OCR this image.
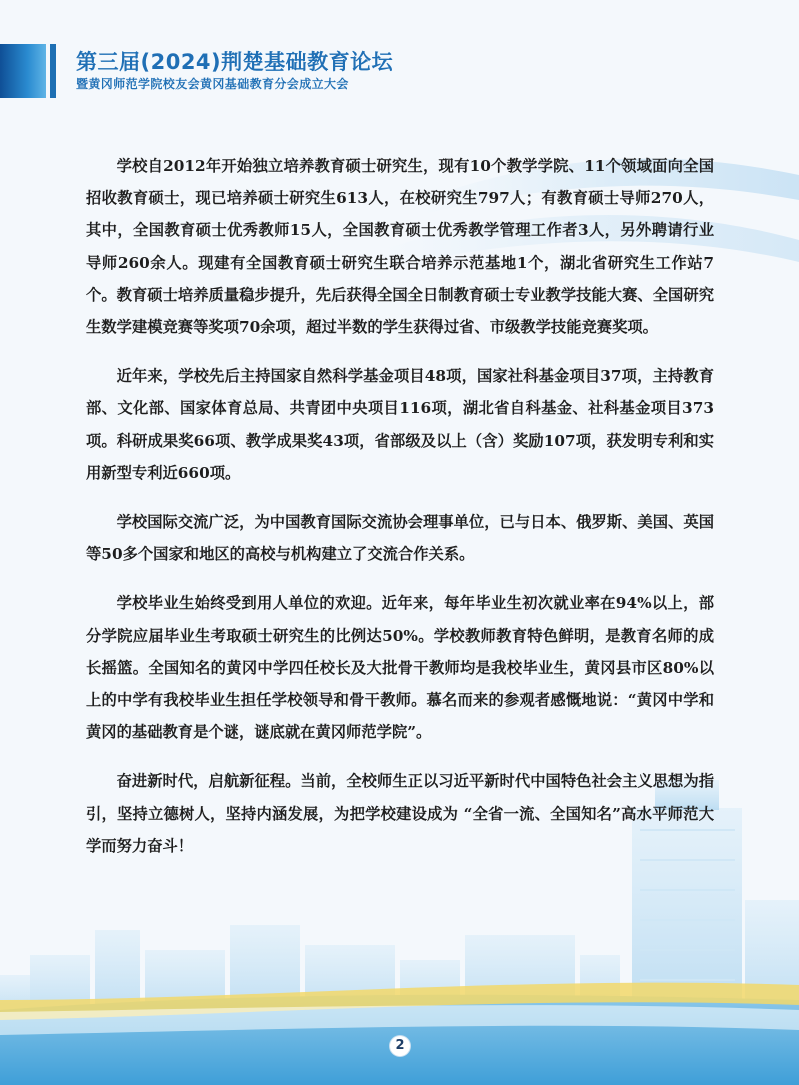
第三届(2024)荆楚基础教育论坛
暨黄冈师范学院校友会黄冈基础教育分会成立大会

学校自2012年开始独立培养教育硕士研究生，现有10个教学学院、11个领域面向全国招收教育硕士，现已培养硕士研究生613人，在校研究生797人；有教育硕士导师270人，其中，全国教育硕士优秀教师15人，全国教育硕士优秀教学管理工作者3人，另外聘请行业导师260余人。现建有全国教育硕士研究生联合培养示范基地1个，湖北省研究生工作站7个。教育硕士培养质量稳步提升，先后获得全国全日制教育硕士专业教学技能大赛、全国研究生数学建模竞赛等奖项70余项，超过半数的学生获得过省、市级教学技能竞赛奖项。

近年来，学校先后主持国家自然科学基金项目48项，国家社科基金项目37项，主持教育部、文化部、国家体育总局、共青团中央项目116项，湖北省自科基金、社科基金项目373项。科研成果奖66项、教学成果奖43项，省部级及以上（含）奖励107项，获发明专利和实用新型专利近660项。

学校国际交流广泛，为中国教育国际交流协会理事单位，已与日本、俄罗斯、美国、英国等50多个国家和地区的高校与机构建立了交流合作关系。

学校毕业生始终受到用人单位的欢迎。近年来，每年毕业生初次就业率在94%以上，部分学院应届毕业生考取硕士研究生的比例达50%。学校教师教育特色鲜明，是教育名师的成长摇篮。全国知名的黄冈中学四任校长及大批骨干教师均是我校毕业生，黄冈县市区80%以上的中学有我校毕业生担任学校领导和骨干教师。慕名而来的参观者感慨地说：“黄冈中学和黄冈的基础教育是个谜，谜底就在黄冈师范学院”。

奋进新时代，启航新征程。当前，全校师生正以习近平新时代中国特色社会主义思想为指引，坚持立德树人，坚持内涵发展，为把学校建设成为 “全省一流、全国知名”高水平师范大学而努力奋斗！

2
